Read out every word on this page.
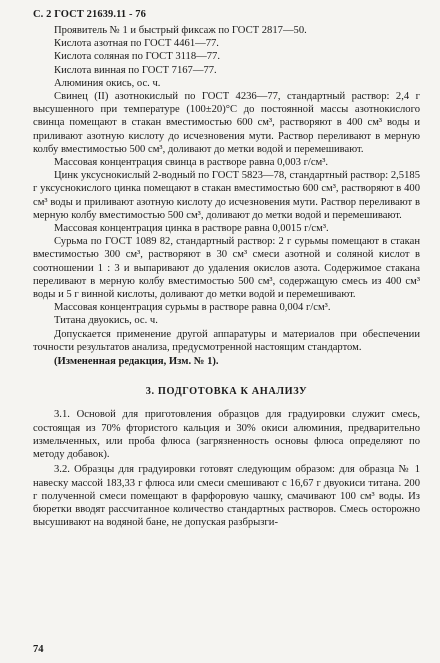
С. 2 ГОСТ 21639.11 - 76

Проявитель № 1 и быстрый фиксаж по ГОСТ 2817—50.

Кислота азотная по ГОСТ 4461—77.

Кислота соляная по ГОСТ 3118—77.

Кислота винная по ГОСТ 7167—77.

Алюминия окись, ос. ч.

Свинец (II) азотнокислый по ГОСТ 4236—77, стандартный раствор: 2,4 г высушенного при температуре (100±20)°С до постоянной массы азотнокислого свинца помещают в стакан вместимостью 600 см³, растворяют в 400 см³ воды и приливают азотную кислоту до исчезновения мути. Раствор переливают в мерную колбу вместимостью 500 см³, доливают до метки водой и перемешивают.

Массовая концентрация свинца в растворе равна 0,003 г/см³.

Цинк уксуснокислый 2-водный по ГОСТ 5823—78, стандартный раствор: 2,5185 г уксуснокислого цинка помещают в стакан вместимостью 600 см³, растворяют в 400 см³ воды и приливают азотную кислоту до исчезновения мути. Раствор переливают в мерную колбу вместимостью 500 см³, доливают до метки водой и перемешивают.

Массовая концентрация цинка в растворе равна 0,0015 г/см³.

Сурьма по ГОСТ 1089 82, стандартный раствор: 2 г сурьмы помещают в стакан вместимостью 300 см³, растворяют в 30 см³ смеси азотной и соляной кислот в соотношении 1 : 3 и выпаривают до удаления окислов азота. Содержимое стакана переливают в мерную колбу вместимостью 500 см³, содержащую смесь из 400 см³ воды и 5 г винной кислоты, доливают до метки водой и перемешивают.

Массовая концентрация сурьмы в растворе равна 0,004 г/см³.

Титана двуокись, ос. ч.

Допускается применение другой аппаратуры и материалов при обеспечении точности результатов анализа, предусмотренной настоящим стандартом.

(Измененная редакция, Изм. № 1).

3. ПОДГОТОВКА К АНАЛИЗУ

3.1. Основой для приготовления образцов для градуировки служит смесь, состоящая из 70% фтористого кальция и 30% окиси алюминия, предварительно измельченных, или проба флюса (загрязненность основы флюса определяют по методу добавок).

3.2. Образцы для градуировки готовят следующим образом: для образца № 1 навеску массой 183,33 г флюса или смеси смешивают с 16,67 г двуокиси титана. 200 г полученной смеси помещают в фарфоровую чашку, смачивают 100 см³ воды. Из бюретки вводят рассчитанное количество стандартных растворов. Смесь осторожно высушивают на водяной бане, не допуская разбрызги-

74
